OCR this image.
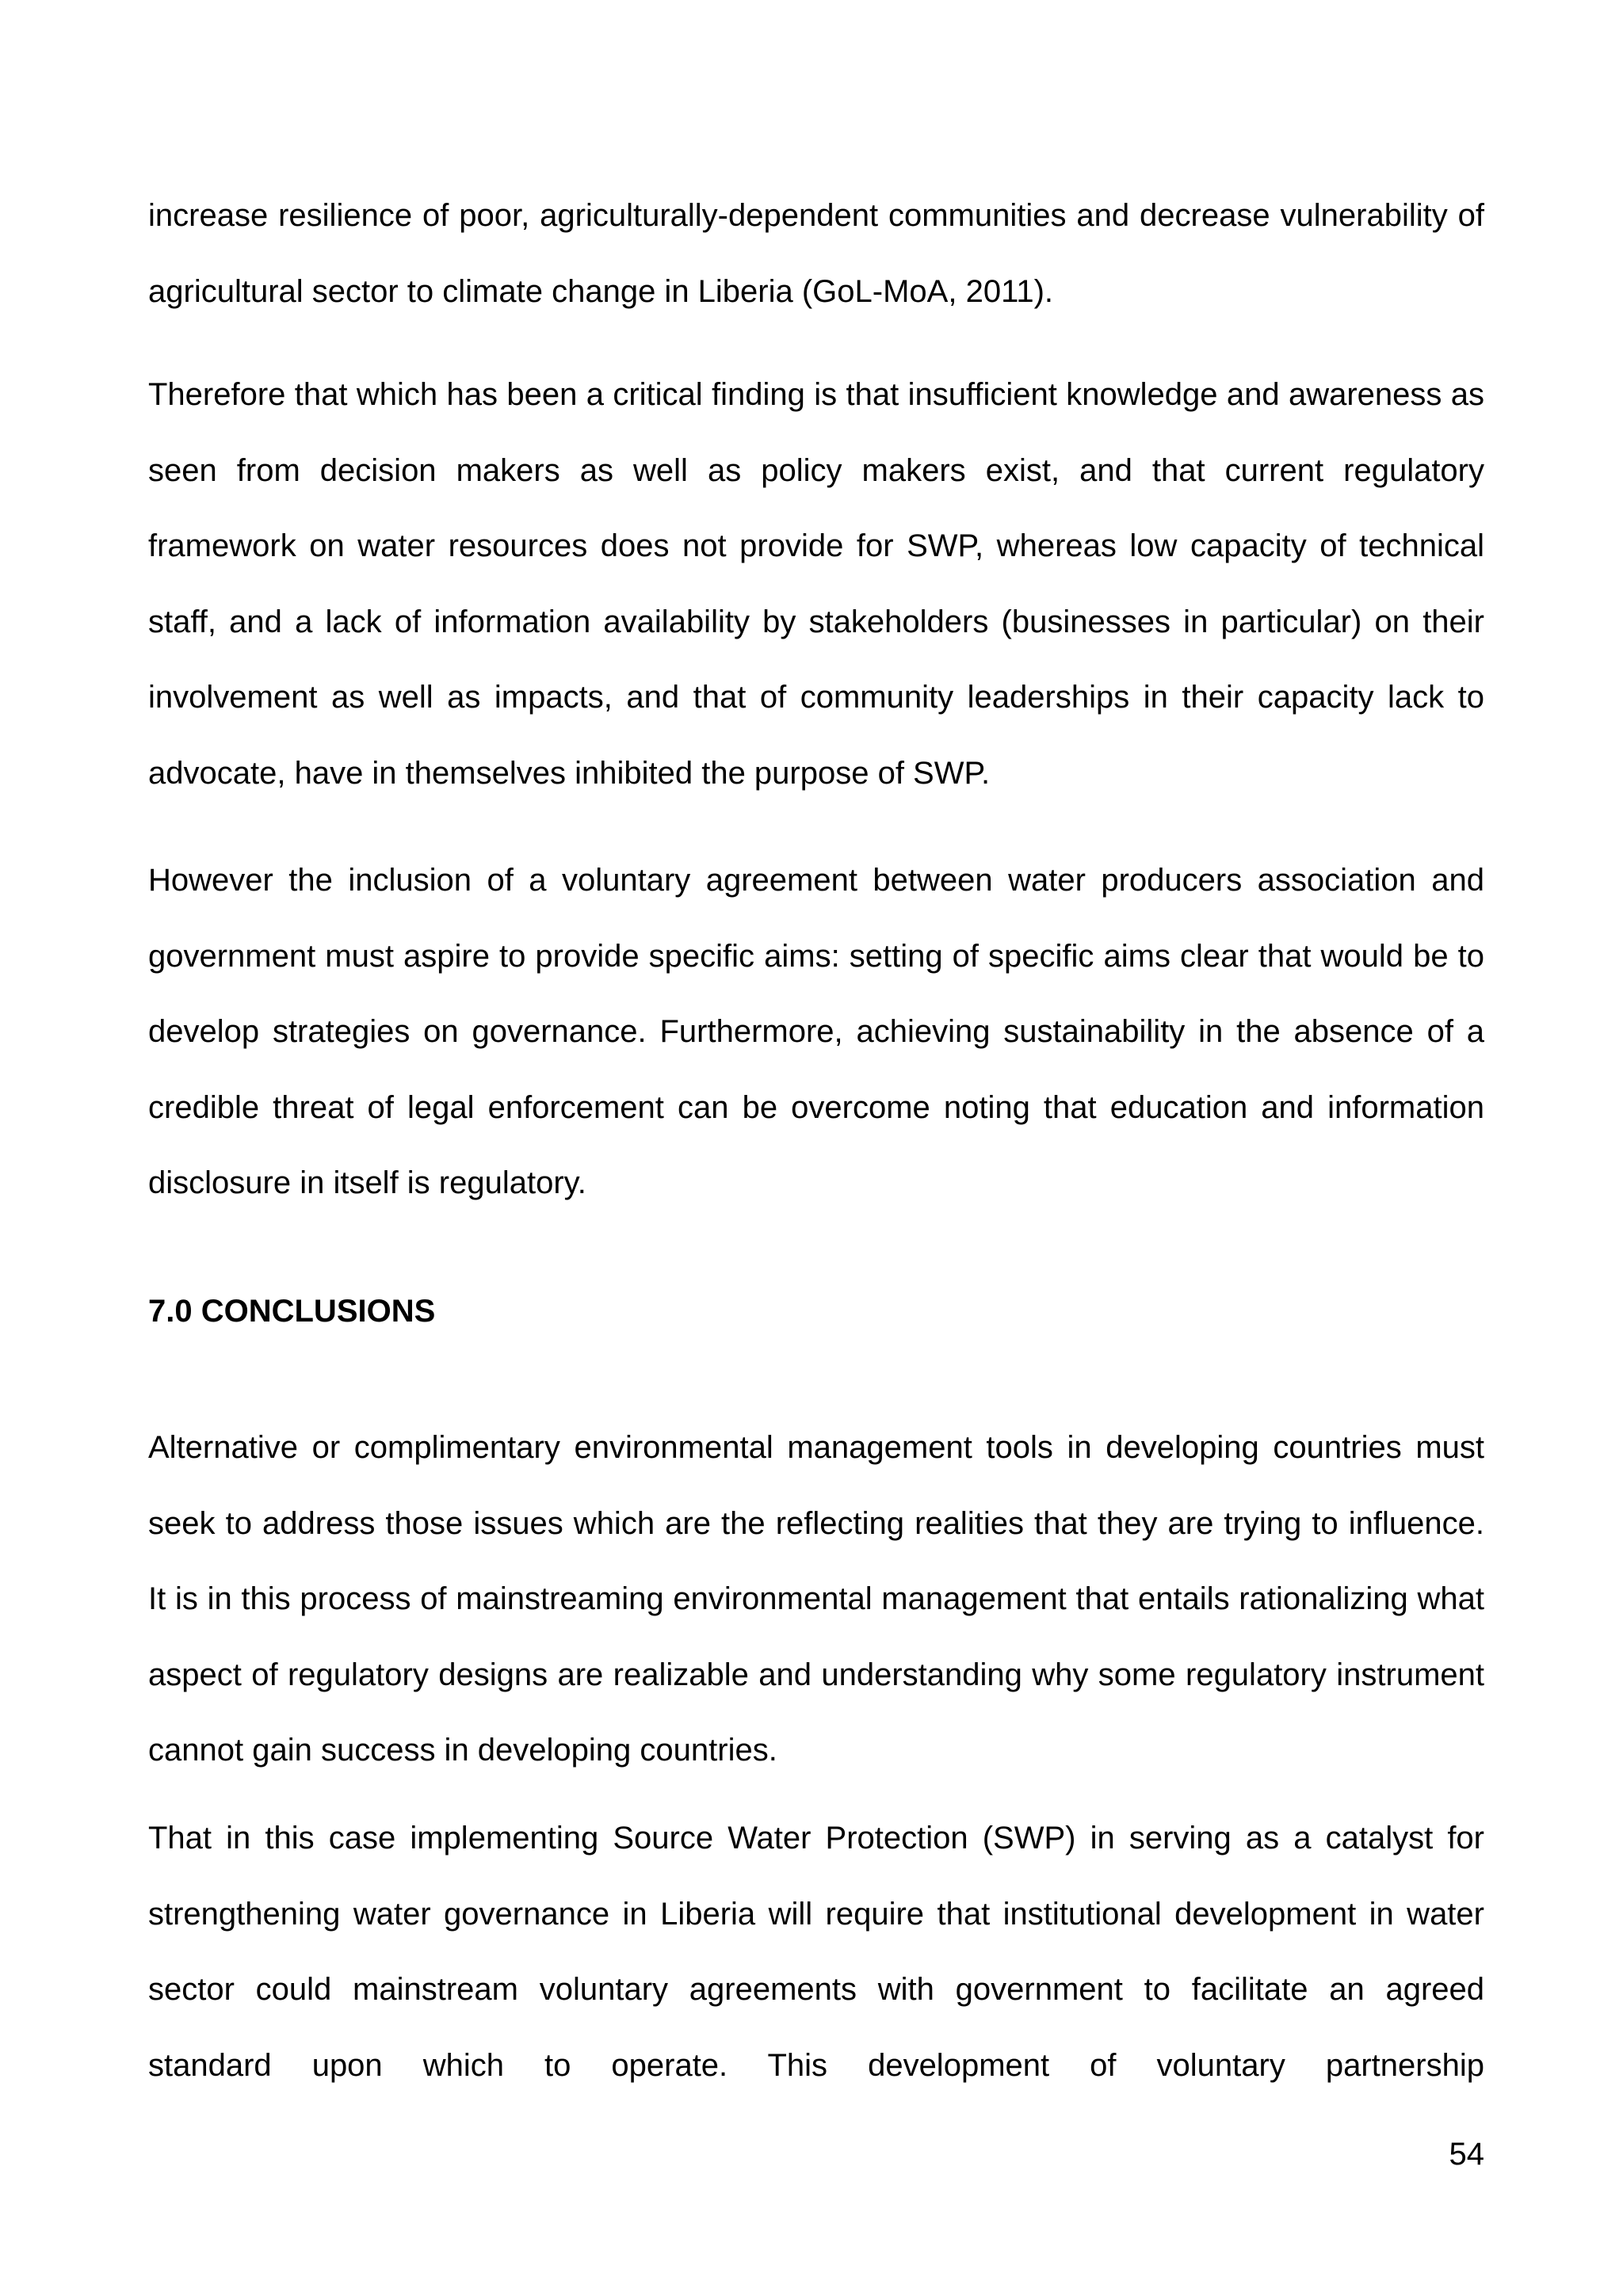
increase resilience of poor, agriculturally-dependent communities and decrease vulnerability of agricultural sector to climate change in Liberia (GoL-MoA, 2011).

Therefore that which has been a critical finding is that insufficient knowledge and awareness as seen from decision makers as well as policy makers exist, and that current regulatory framework on water resources does not provide for SWP, whereas low capacity of technical staff, and a lack of information availability by stakeholders (businesses in particular) on their involvement as well as impacts, and that of community leaderships in their capacity lack to advocate, have in themselves inhibited the purpose of SWP.

However the inclusion of a voluntary agreement between water producers association and government must aspire to provide specific aims: setting of specific aims clear that would be to develop strategies on governance. Furthermore, achieving sustainability in the absence of a credible threat of legal enforcement can be overcome noting that education and information disclosure in itself is regulatory.

7.0 CONCLUSIONS

Alternative or complimentary environmental management tools in developing countries must seek to address those issues which are the reflecting realities that they are trying to influence. It is in this process of mainstreaming environmental management that entails rationalizing what aspect of regulatory designs are realizable and understanding why some regulatory instrument cannot gain success in developing countries.

That in this case implementing Source Water Protection (SWP) in serving as a catalyst for strengthening water governance in Liberia will require that institutional development in water sector could mainstream voluntary agreements with government to facilitate an agreed standard upon which to operate. This development of voluntary partnership

54
